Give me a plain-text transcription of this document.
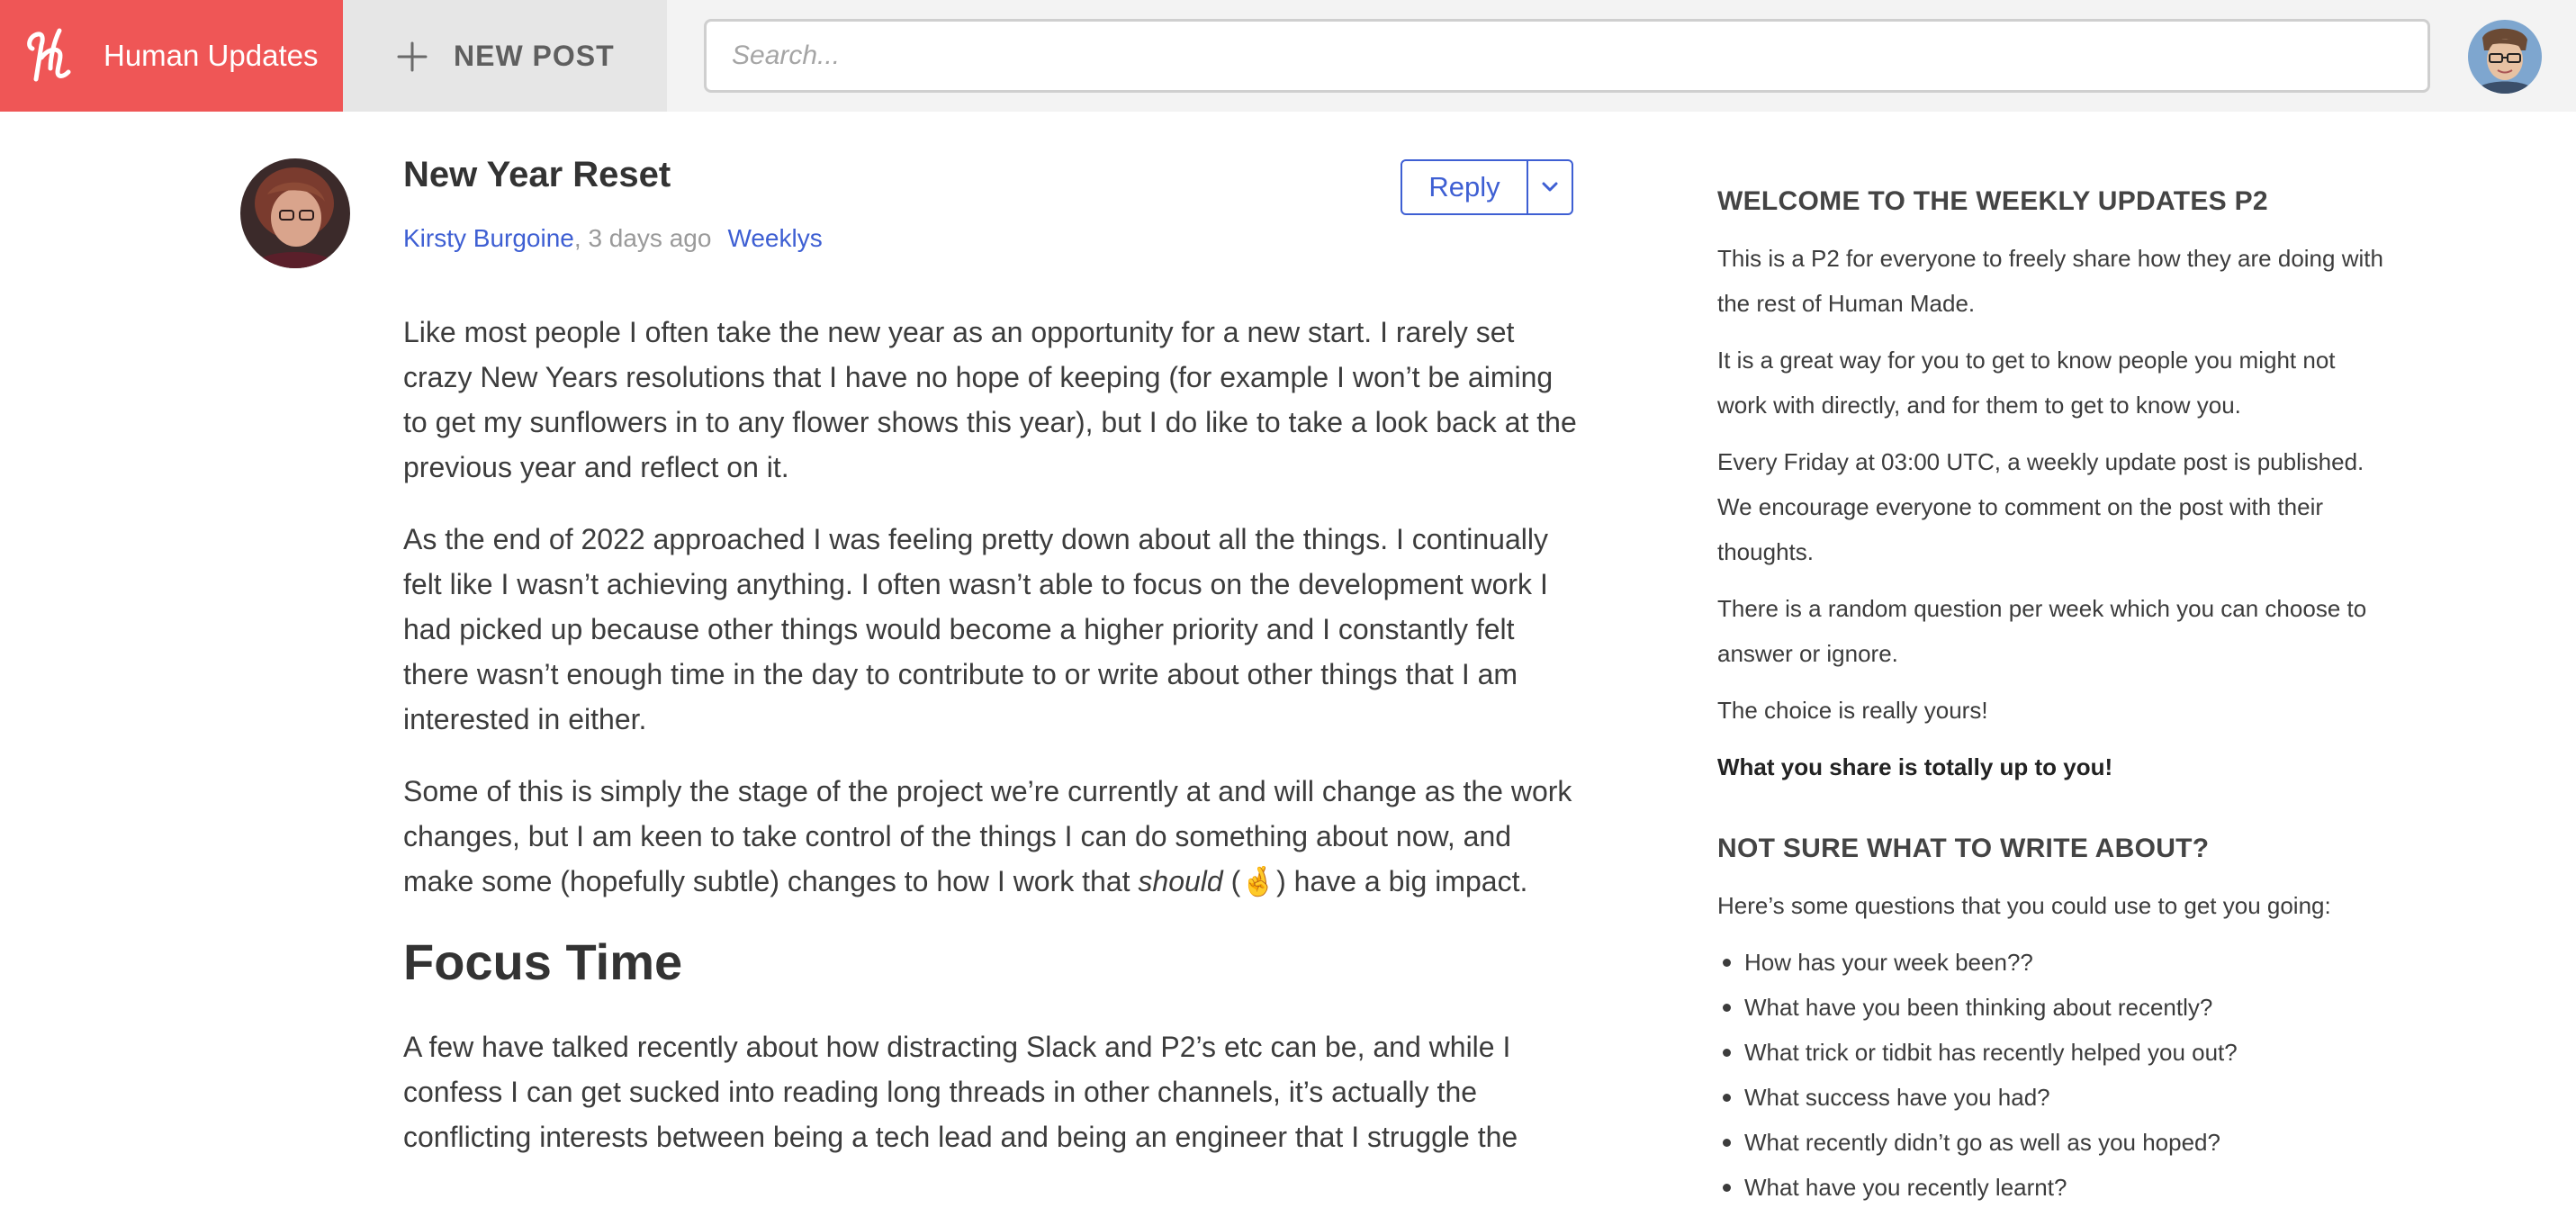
Human Updates	NEW POST
Search...
New Year Reset
Kirsty Burgoine, 3 days ago Weeklys
Reply

Like most people I often take the new year as an opportunity for a new start. I rarely set crazy New Years resolutions that I have no hope of keeping (for example I won’t be aiming to get my sunflowers in to any flower shows this year), but I do like to take a look back at the previous year and reflect on it.

As the end of 2022 approached I was feeling pretty down about all the things. I continually felt like I wasn’t achieving anything. I often wasn’t able to focus on the development work I had picked up because other things would become a higher priority and I constantly felt there wasn’t enough time in the day to contribute to or write about other things that I am interested in either.

Some of this is simply the stage of the project we’re currently at and will change as the work changes, but I am keen to take control of the things I can do something about now, and make some (hopefully subtle) changes to how I work that should (🤞) have a big impact.

Focus Time

A few have talked recently about how distracting Slack and P2’s etc can be, and while I confess I can get sucked into reading long threads in other channels, it’s actually the conflicting interests between being a tech lead and being an engineer that I struggle the

WELCOME TO THE WEEKLY UPDATES P2

This is a P2 for everyone to freely share how they are doing with the rest of Human Made.

It is a great way for you to get to know people you might not work with directly, and for them to get to know you.

Every Friday at 03:00 UTC, a weekly update post is published. We encourage everyone to comment on the post with their thoughts.

There is a random question per week which you can choose to answer or ignore.

The choice is really yours!

What you share is totally up to you!

NOT SURE WHAT TO WRITE ABOUT?

Here’s some questions that you could use to get you going:

How has your week been??
What have you been thinking about recently?
What trick or tidbit has recently helped you out?
What success have you had?
What recently didn’t go as well as you hoped?
What have you recently learnt?
